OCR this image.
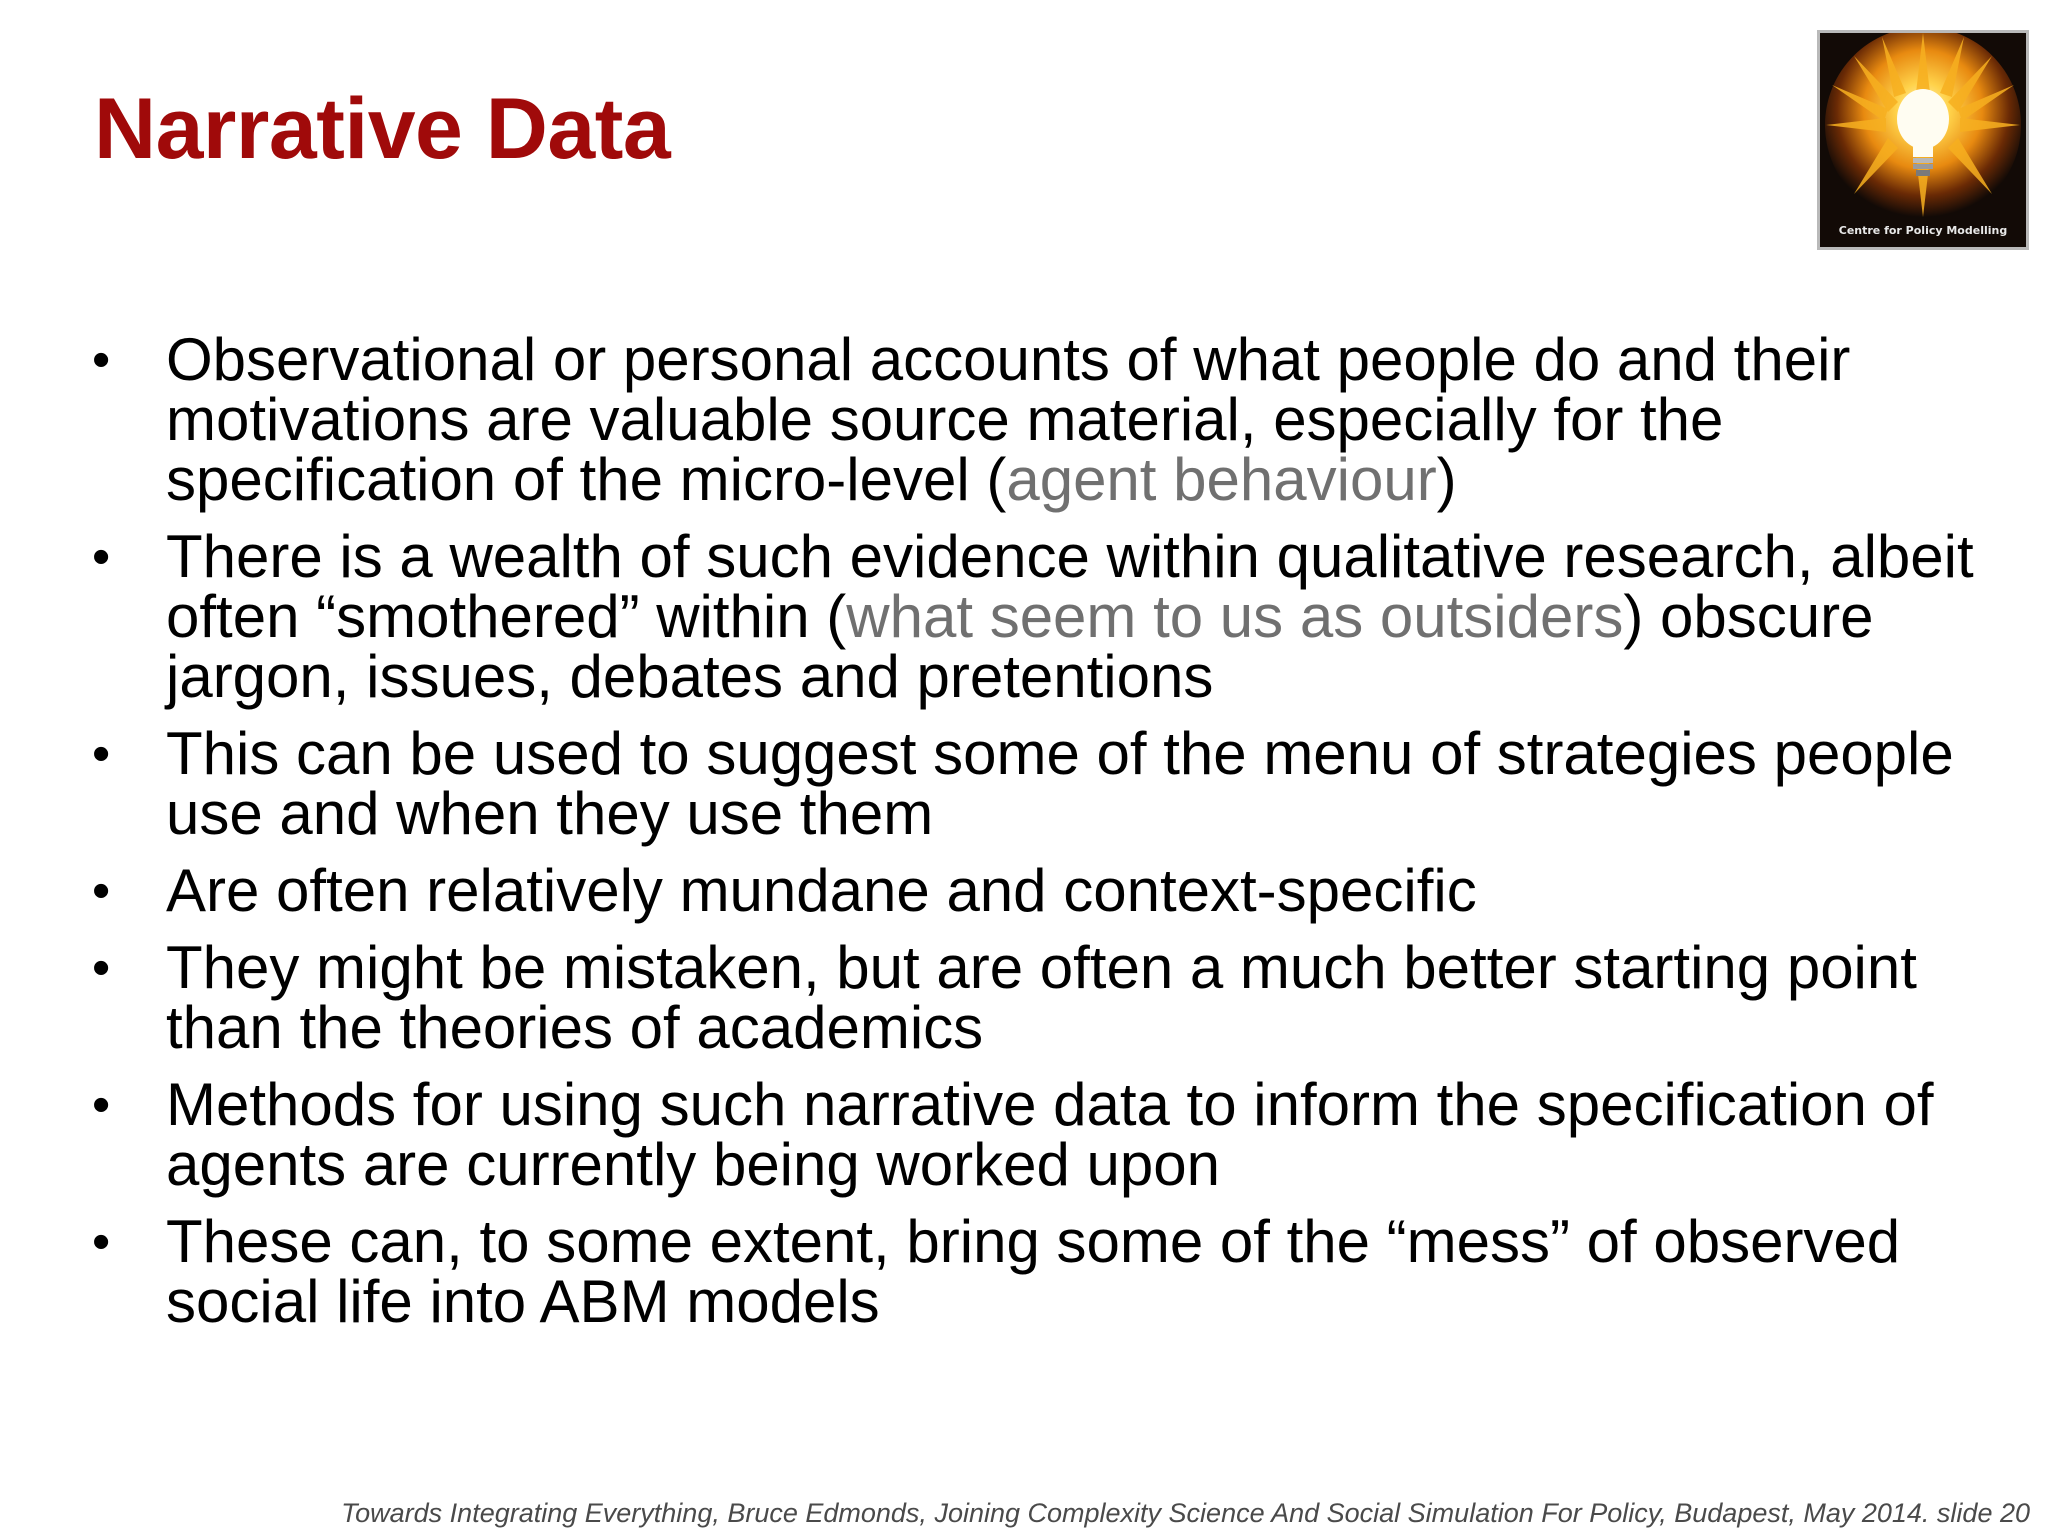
Narrative Data
Centre for Policy Modelling
• Observational or personal accounts of what people do and their motivations are valuable source material, especially for the specification of the micro-level (agent behaviour)
• There is a wealth of such evidence within qualitative research, albeit often “smothered” within (what seem to us as outsiders) obscure jargon, issues, debates and pretentions
• This can be used to suggest some of the menu of strategies people use and when they use them
• Are often relatively mundane and context-specific
• They might be mistaken, but are often a much better starting point than the theories of academics
• Methods for using such narrative data to inform the specification of agents are currently being worked upon
• These can, to some extent, bring some of the “mess” of observed social life into ABM models
Towards Integrating Everything, Bruce Edmonds, Joining Complexity Science And Social Simulation For Policy, Budapest, May 2014. slide 20
